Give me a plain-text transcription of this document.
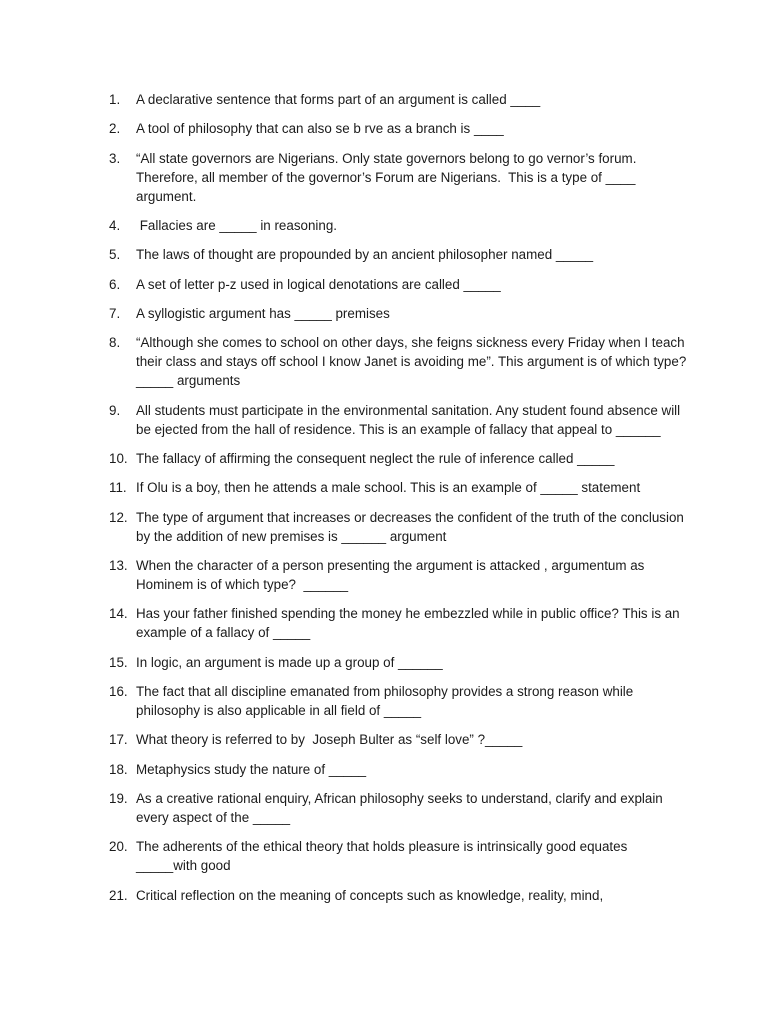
1.	A declarative sentence that forms part of an argument is called ____
2.	A tool of philosophy that can also se b rve as a branch is ____
3.	“All state governors are Nigerians. Only state governors belong to go vernor’s forum. Therefore, all member of the governor’s Forum are Nigerians.  This is a type of ____ argument.
4.	Fallacies are _____ in reasoning.
5.	The laws of thought are propounded by an ancient philosopher named _____
6.	A set of letter p-z used in logical denotations are called _____
7.	A syllogistic argument has _____ premises
8.	“Although she comes to school on other days, she feigns sickness every Friday when I teach their class and stays off school I know Janet is avoiding me”. This argument is of which type? _____ arguments
9.	All students must participate in the environmental sanitation. Any student found absence will be ejected from the hall of residence. This is an example of fallacy that appeal to ______
10. The fallacy of affirming the consequent neglect the rule of inference called _____
11. If Olu is a boy, then he attends a male school. This is an example of _____ statement
12. The type of argument that increases or decreases the confident of the truth of the conclusion by the addition of new premises is ______ argument
13. When the character of a person presenting the argument is attacked , argumentum as Hominem is of which type?  ______
14. Has your father finished spending the money he embezzled while in public office? This is an example of a fallacy of _____
15. In logic, an argument is made up a group of ______
16. The fact that all discipline emanated from philosophy provides a strong reason while philosophy is also applicable in all field of _____
17. What theory is referred to by  Joseph Bulter as “self love” ?_____
18. Metaphysics study the nature of _____
19. As a creative rational enquiry, African philosophy seeks to understand, clarify and explain every aspect of the _____
20. The adherents of the ethical theory that holds pleasure is intrinsically good equates _____with good
21. Critical reflection on the meaning of concepts such as knowledge, reality, mind,
